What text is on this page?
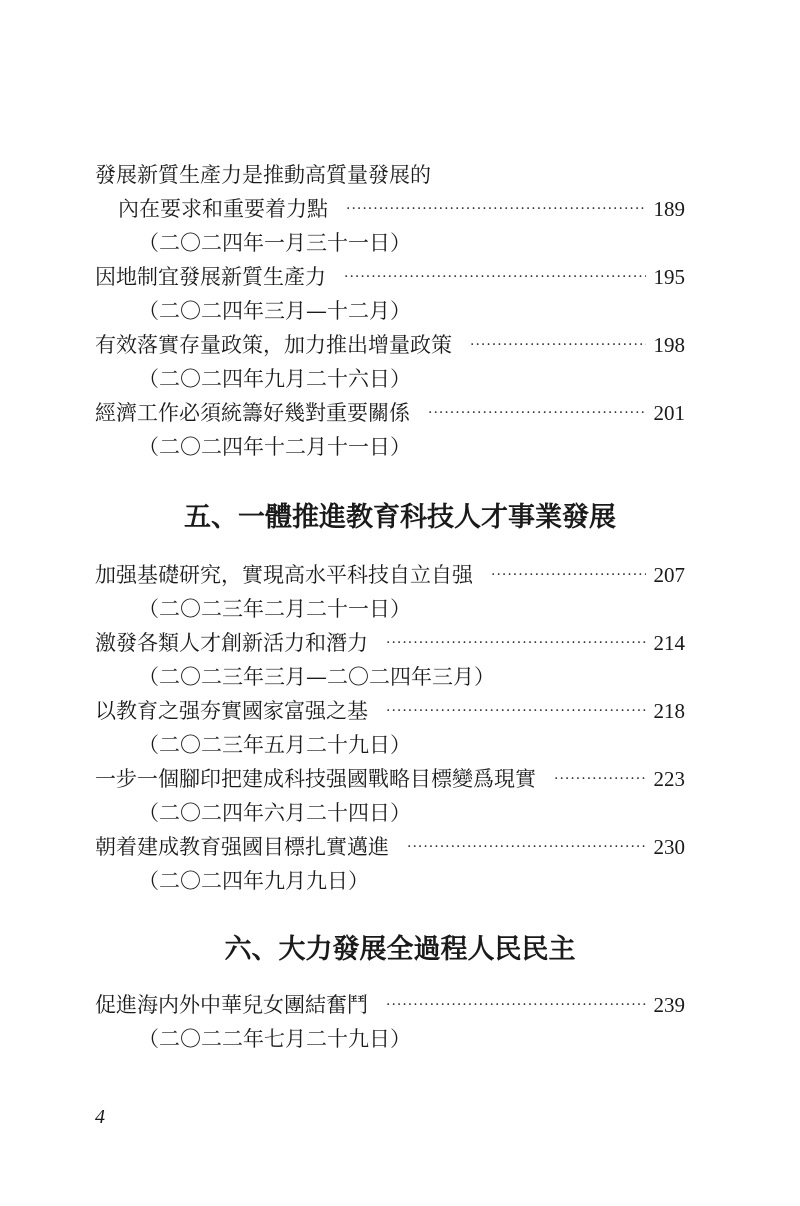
發展新質生產力是推動高質量發展的
內在要求和重要着力點 ·····	189
（二〇二四年一月三十一日）
因地制宜發展新質生產力 ·····	195
（二〇二四年三月—十二月）
有效落實存量政策，加力推出增量政策 ·····	198
（二〇二四年九月二十六日）
經濟工作必須統籌好幾對重要關係 ·····	201
（二〇二四年十二月十一日）
五、一體推進教育科技人才事業發展
加强基礎研究，實現高水平科技自立自强 ·····	207
（二〇二三年二月二十一日）
激發各類人才創新活力和潛力 ·····	214
（二〇二三年三月—二〇二四年三月）
以教育之强夯實國家富强之基 ·····	218
（二〇二三年五月二十九日）
一步一個腳印把建成科技强國戰略目標變爲現實 ·····	223
（二〇二四年六月二十四日）
朝着建成教育强國目標扎實邁進 ·····	230
（二〇二四年九月九日）
六、大力發展全過程人民民主
促進海内外中華兒女團結奮鬥 ·····	239
（二〇二二年七月二十九日）
4
